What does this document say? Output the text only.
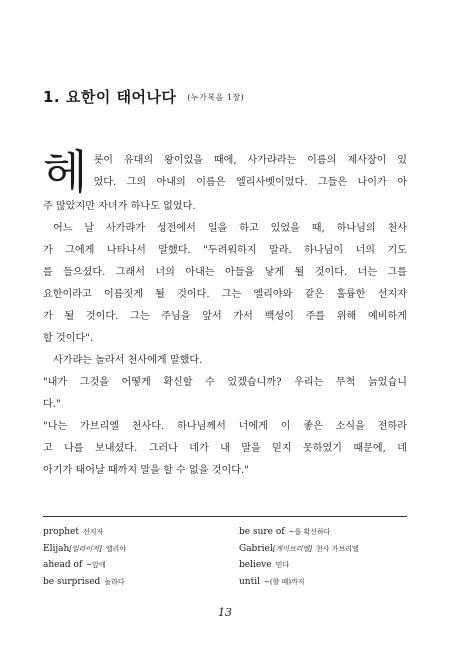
1. 요한이 태어나다 (누가복음 1장)

헤 롯이 유대의 왕이었을 때에, 사가랴라는 이름의 제사장이 있
었다. 그의 아내의 이름은 엘리사벳이었다. 그들은 나이가 아
주 많았지만 자녀가 하나도 없었다.

어느 날 사가랴가 성전에서 일을 하고 있었을 때, 하나님의 천사
가 그에게 나타나서 말했다. "두려워하지 말라. 하나님이 너의 기도
를 들으셨다. 그래서 너의 아내는 아들을 낳게 될 것이다. 너는 그를
요한이라고 이름짓게 될 것이다. 그는 엘리야와 같은 훌륭한 선지자
가 될 것이다. 그는 주님을 앞서 가서 백성이 주를 위해 예비하게
할 것이다".

사가랴는 놀라서 천사에게 말했다.

"내가 그것을 어떻게 확신할 수 있겠습니까? 우리는 무척 늙었습니
다."

"나는 가브리엘 천사다. 하나님께서 너에게 이 좋은 소식을 전하라
고 나를 보내셨다. 그러나 네가 내 말을 믿지 못하였기 때문에, 네
아기가 태어날 때까지 말을 할 수 없을 것이다."

prophet 선지자
Elijah[일라이저] 엘리야
ahead of ~앞에
be surprised 놀라다
be sure of ~을 확신하다
Gabriel[게이브리엘] 천사 가브리엘
believe 믿다
until ~(할 때)까지
13
